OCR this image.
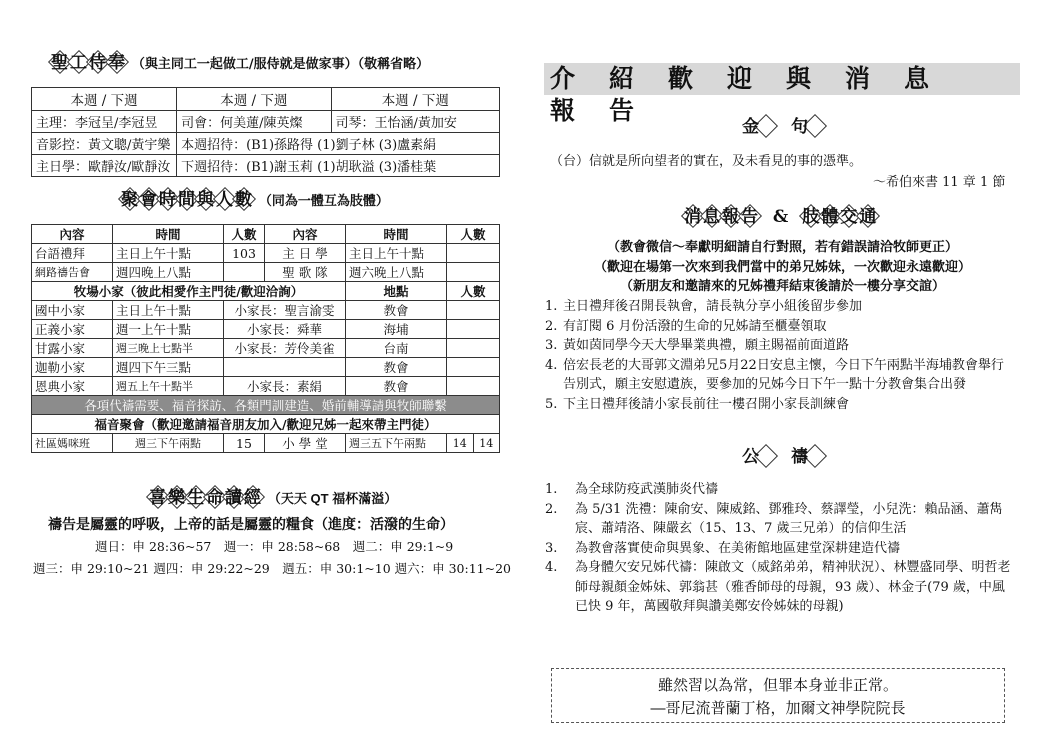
聖 工 侍 奉 （與主同工一起做工/服侍就是做家事）（敬稱省略）
本週 / 下週	本週 / 下週	本週 / 下週
主理：李冠呈/李冠昱	司會：何美蓮/陳英燦	司琴：王怡涵/黃加安
音影控：黃文聰/黃宇樂	本週招待：(B1)孫路得 (1)劉子林 (3)盧素絹	
主日學：歐靜汝/歐靜汝	下週招待：(B1)謝玉莉 (1)胡耿溢 (3)潘桂葉	
聚 會 時 間 與 人 數 （同為一體互為肢體）
內容	時間	人數	內容	時間	人數	
台語禮拜	主日上午十點	103	主 日 學	主日上午十點		
網路禱告會	週四晚上八點		聖 歌 隊	週六晚上八點		
牧場小家（彼此相愛作主門徒/歡迎洽詢）				地點	人數	
國中小家	主日上午十點	小家長：聖言渝雯		教會		
正義小家	週一上午十點	小家長：舜華		海埔		
甘露小家	週三晚上七點半	小家長：芳伶美雀		台南		
迦勒小家	週四下午三點			教會		
恩典小家	週五上午十點半	小家長：素絹		教會		
各項代禱需要、福音探訪、各類門訓建造、婚前輔導請與牧師聯繫						
福音聚會（歡迎邀請福音朋友加入/歡迎兄姊一起來帶主門徒）						
社區媽咪班	週三下午兩點	15	小 學 堂	週三五下午兩點	14	14
喜 樂 生 命 讀 經 （天天 QT 福杯滿溢）
禱告是屬靈的呼吸，上帝的話是屬靈的糧食（進度：活潑的生命）
週日：申 28:36~57　週一：申 28:58~68　週二：申 29:1~9
週三：申 29:10~21 週四：申 29:22~29　週五：申 30:1~10 週六：申 30:11~20
介紹歡迎與消息報告
金 句
（台）信就是所向望者的實在，及未看見的事的憑準。
～希伯來書 11 章 1 節
消 息 報 告 & 肢 體 交 通
（教會微信～奉獻明細請自行對照，若有錯誤請洽牧師更正）
（歡迎在場第一次來到我們當中的弟兄姊妹，一次歡迎永遠歡迎）
（新朋友和邀請來的兄姊禮拜結束後請於一樓分享交誼）
1. 主日禮拜後召開長執會，請長執分享小組後留步參加
2. 有訂閱 6 月份活潑的生命的兄姊請至櫃臺領取
3. 黃如茵同學今天大學畢業典禮，願主賜福前面道路
4. 倍宏長老的大哥郭文淵弟兄5月22日安息主懷，今日下午兩點半海埔教會舉行告別式，願主安慰遺族，要參加的兄姊今日下午一點十分教會集合出發
5. 下主日禮拜後請小家長前往一樓召開小家長訓練會
公 禱
1. 為全球防疫武漢肺炎代禱
2. 為 5/31 洗禮：陳俞安、陳威銘、鄧雅玲、蔡譯瑩，小兒洗：賴品涵、蕭雋宸、蕭靖洛、陳嚴玄（15、13、7 歲三兄弟）的信仰生活
3. 為教會落實使命與異象、在美術館地區建堂深耕建造代禱
4. 為身體欠安兄姊代禱：陳啟文（威銘弟弟，精神狀況）、林豐盛同學、明哲老師母親顏金姊妹、郭翁甚（雅香師母的母親，93 歲）、林金子(79 歲，中風已快 9 年，萬國敬拜與讚美鄭安伶姊妹的母親)
雖然習以為常，但罪本身並非正常。
—哥尼流普蘭丁格，加爾文神學院院長
